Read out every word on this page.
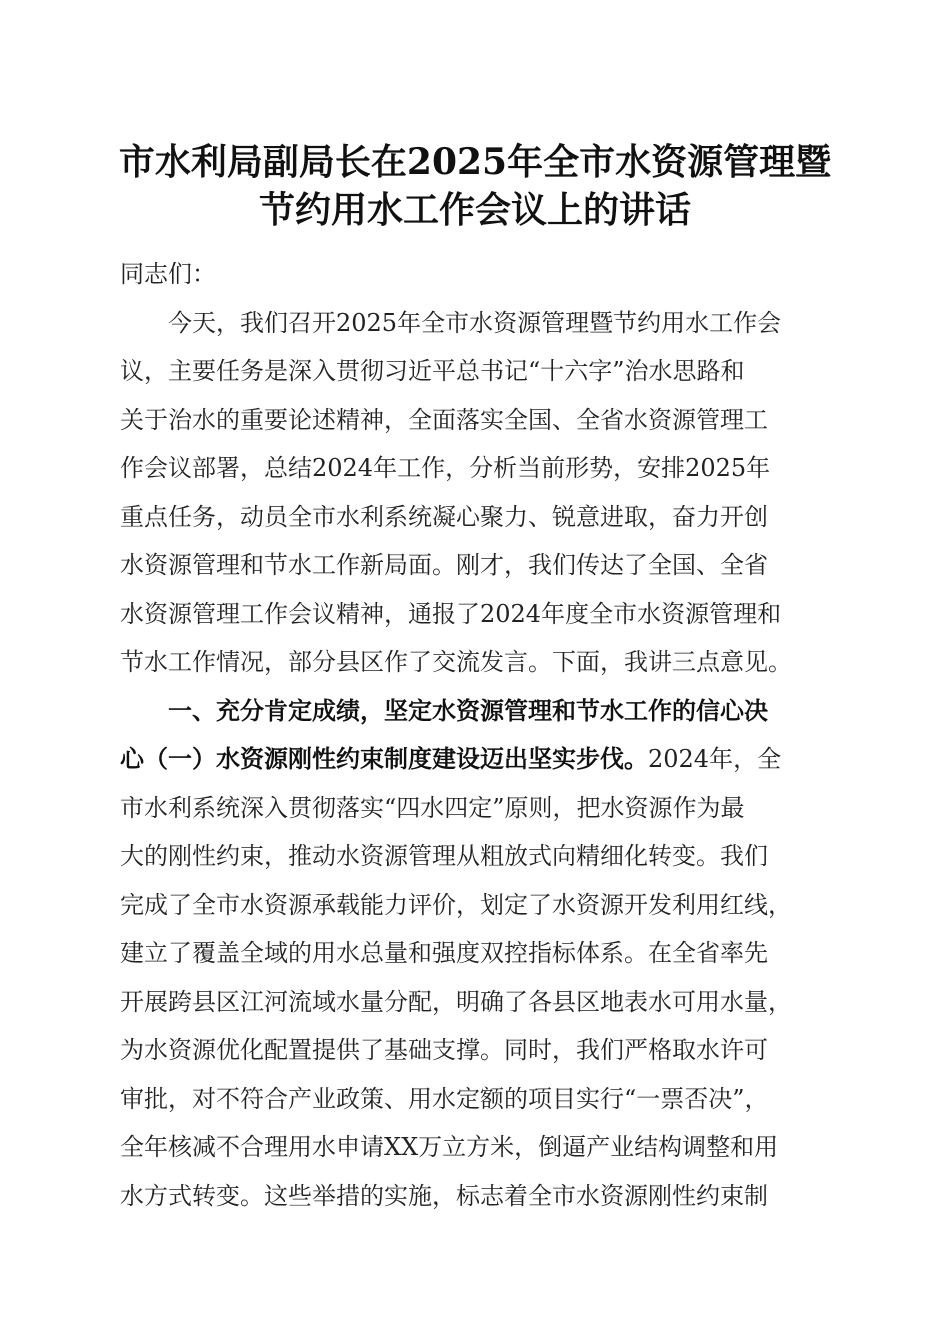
市水利局副局长在2025年全市水资源管理暨
节约用水工作会议上的讲话
同志们：
今天，我们召开2025年全市水资源管理暨节约用水工作会
议，主要任务是深入贯彻习近平总书记“十六字”治水思路和
关于治水的重要论述精神，全面落实全国、全省水资源管理工
作会议部署，总结2024年工作，分析当前形势，安排2025年
重点任务，动员全市水利系统凝心聚力、锐意进取，奋力开创
水资源管理和节水工作新局面。刚才，我们传达了全国、全省
水资源管理工作会议精神，通报了2024年度全市水资源管理和
节水工作情况，部分县区作了交流发言。下面，我讲三点意见。
一、充分肯定成绩，坚定水资源管理和节水工作的信心决
心（一）水资源刚性约束制度建设迈出坚实步伐。2024年，全
市水利系统深入贯彻落实“四水四定”原则，把水资源作为最
大的刚性约束，推动水资源管理从粗放式向精细化转变。我们
完成了全市水资源承载能力评价，划定了水资源开发利用红线，
建立了覆盖全域的用水总量和强度双控指标体系。在全省率先
开展跨县区江河流域水量分配，明确了各县区地表水可用水量，
为水资源优化配置提供了基础支撑。同时，我们严格取水许可
审批，对不符合产业政策、用水定额的项目实行“一票否决”，
全年核减不合理用水申请XX万立方米，倒逼产业结构调整和用
水方式转变。这些举措的实施，标志着全市水资源刚性约束制
